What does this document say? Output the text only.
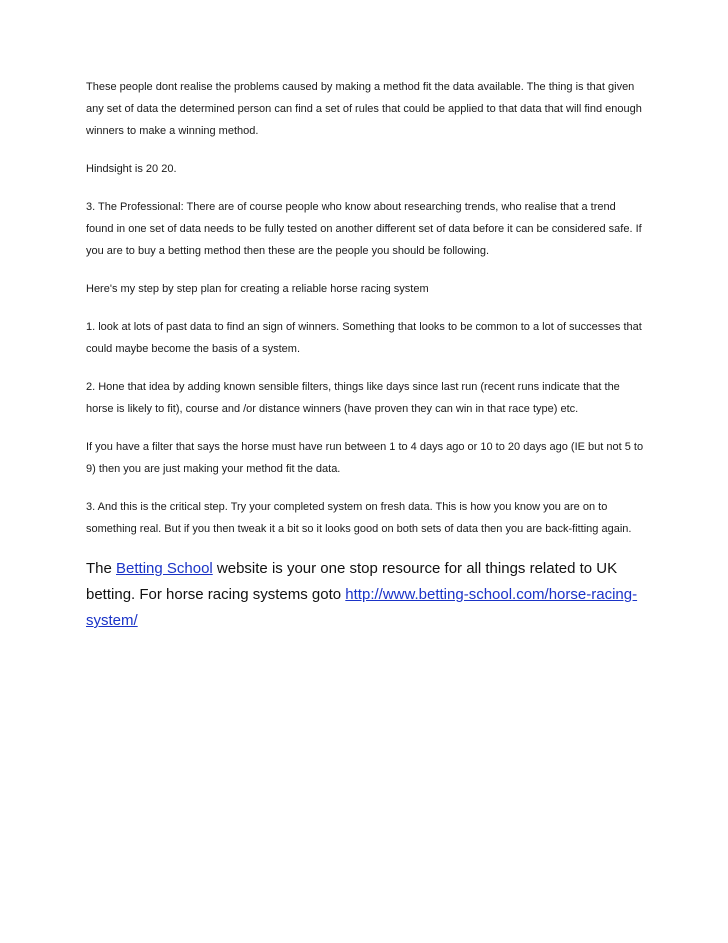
These people dont realise the problems caused by making a method fit the data available. The thing is that given any set of data the determined person can find a set of rules that could be applied to that data that will find enough winners to make a winning method.

Hindsight is 20 20.

3. The Professional: There are of course people who know about researching trends, who realise that a trend found in one set of data needs to be fully tested on another different set of data before it can be considered safe. If you are to buy a betting method then these are the people you should be following.

Here's my step by step plan for creating a reliable horse racing system

1. look at lots of past data to find an sign of winners. Something that looks to be common to a lot of successes that could maybe become the basis of a system.

2. Hone that idea by adding known sensible filters, things like days since last run (recent runs indicate that the horse is likely to fit), course and /or distance winners (have proven they can win in that race type) etc.

If you have a filter that says the horse must have run between 1 to 4 days ago or 10 to 20 days ago (IE but not 5 to 9) then you are just making your method fit the data.

3. And this is the critical step. Try your completed system on fresh data. This is how you know you are on to something real. But if you then tweak it a bit so it looks good on both sets of data then you are back-fitting again.

The Betting School website is your one stop resource for all things related to UK betting. For horse racing systems goto http://www.betting-school.com/horse-racing-system/
